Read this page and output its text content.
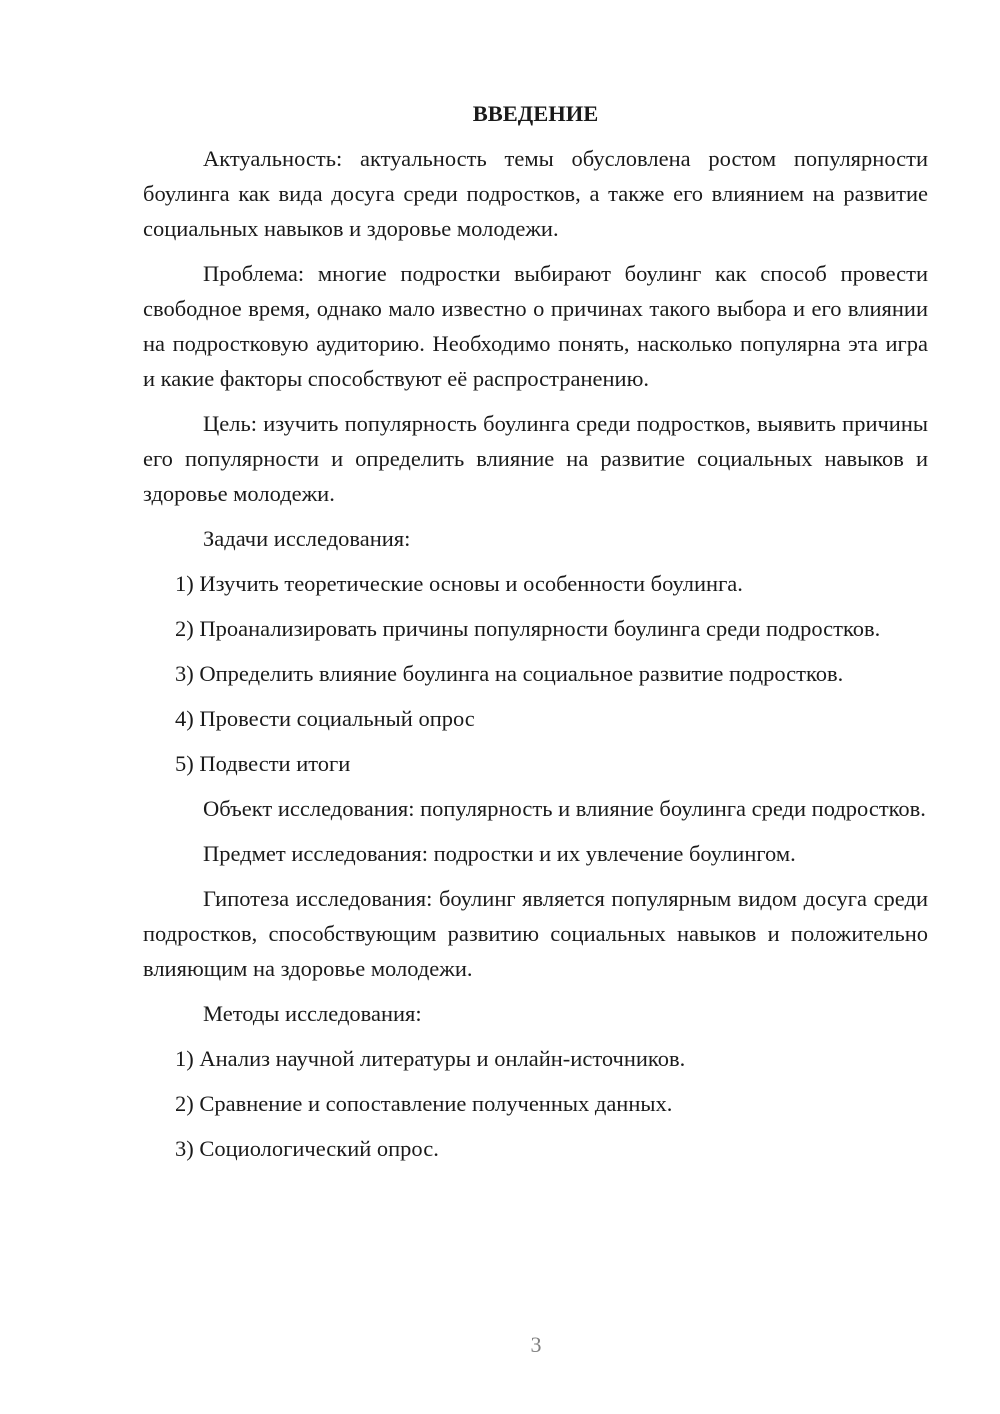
ВВЕДЕНИЕ
Актуальность: актуальность темы обусловлена ростом популярности боулинга как вида досуга среди подростков, а также его влиянием на развитие социальных навыков и здоровье молодежи.
Проблема: многие подростки выбирают боулинг как способ провести свободное время, однако мало известно о причинах такого выбора и его влиянии на подростковую аудиторию. Необходимо понять, насколько популярна эта игра и какие факторы способствуют её распространению.
Цель: изучить популярность боулинга среди подростков, выявить причины его популярности и определить влияние на развитие социальных навыков и здоровье молодежи.
Задачи исследования:
1) Изучить теоретические основы и особенности боулинга.
2) Проанализировать причины популярности боулинга среди подростков.
3) Определить влияние боулинга на социальное развитие подростков.
4) Провести социальный опрос
5) Подвести итоги
Объект исследования: популярность и влияние боулинга среди подростков.
Предмет исследования: подростки и их увлечение боулингом.
Гипотеза исследования: боулинг является популярным видом досуга среди подростков, способствующим развитию социальных навыков и положительно влияющим на здоровье молодежи.
Методы исследования:
1) Анализ научной литературы и онлайн-источников.
2) Сравнение и сопоставление полученных данных.
3) Социологический опрос.
3
